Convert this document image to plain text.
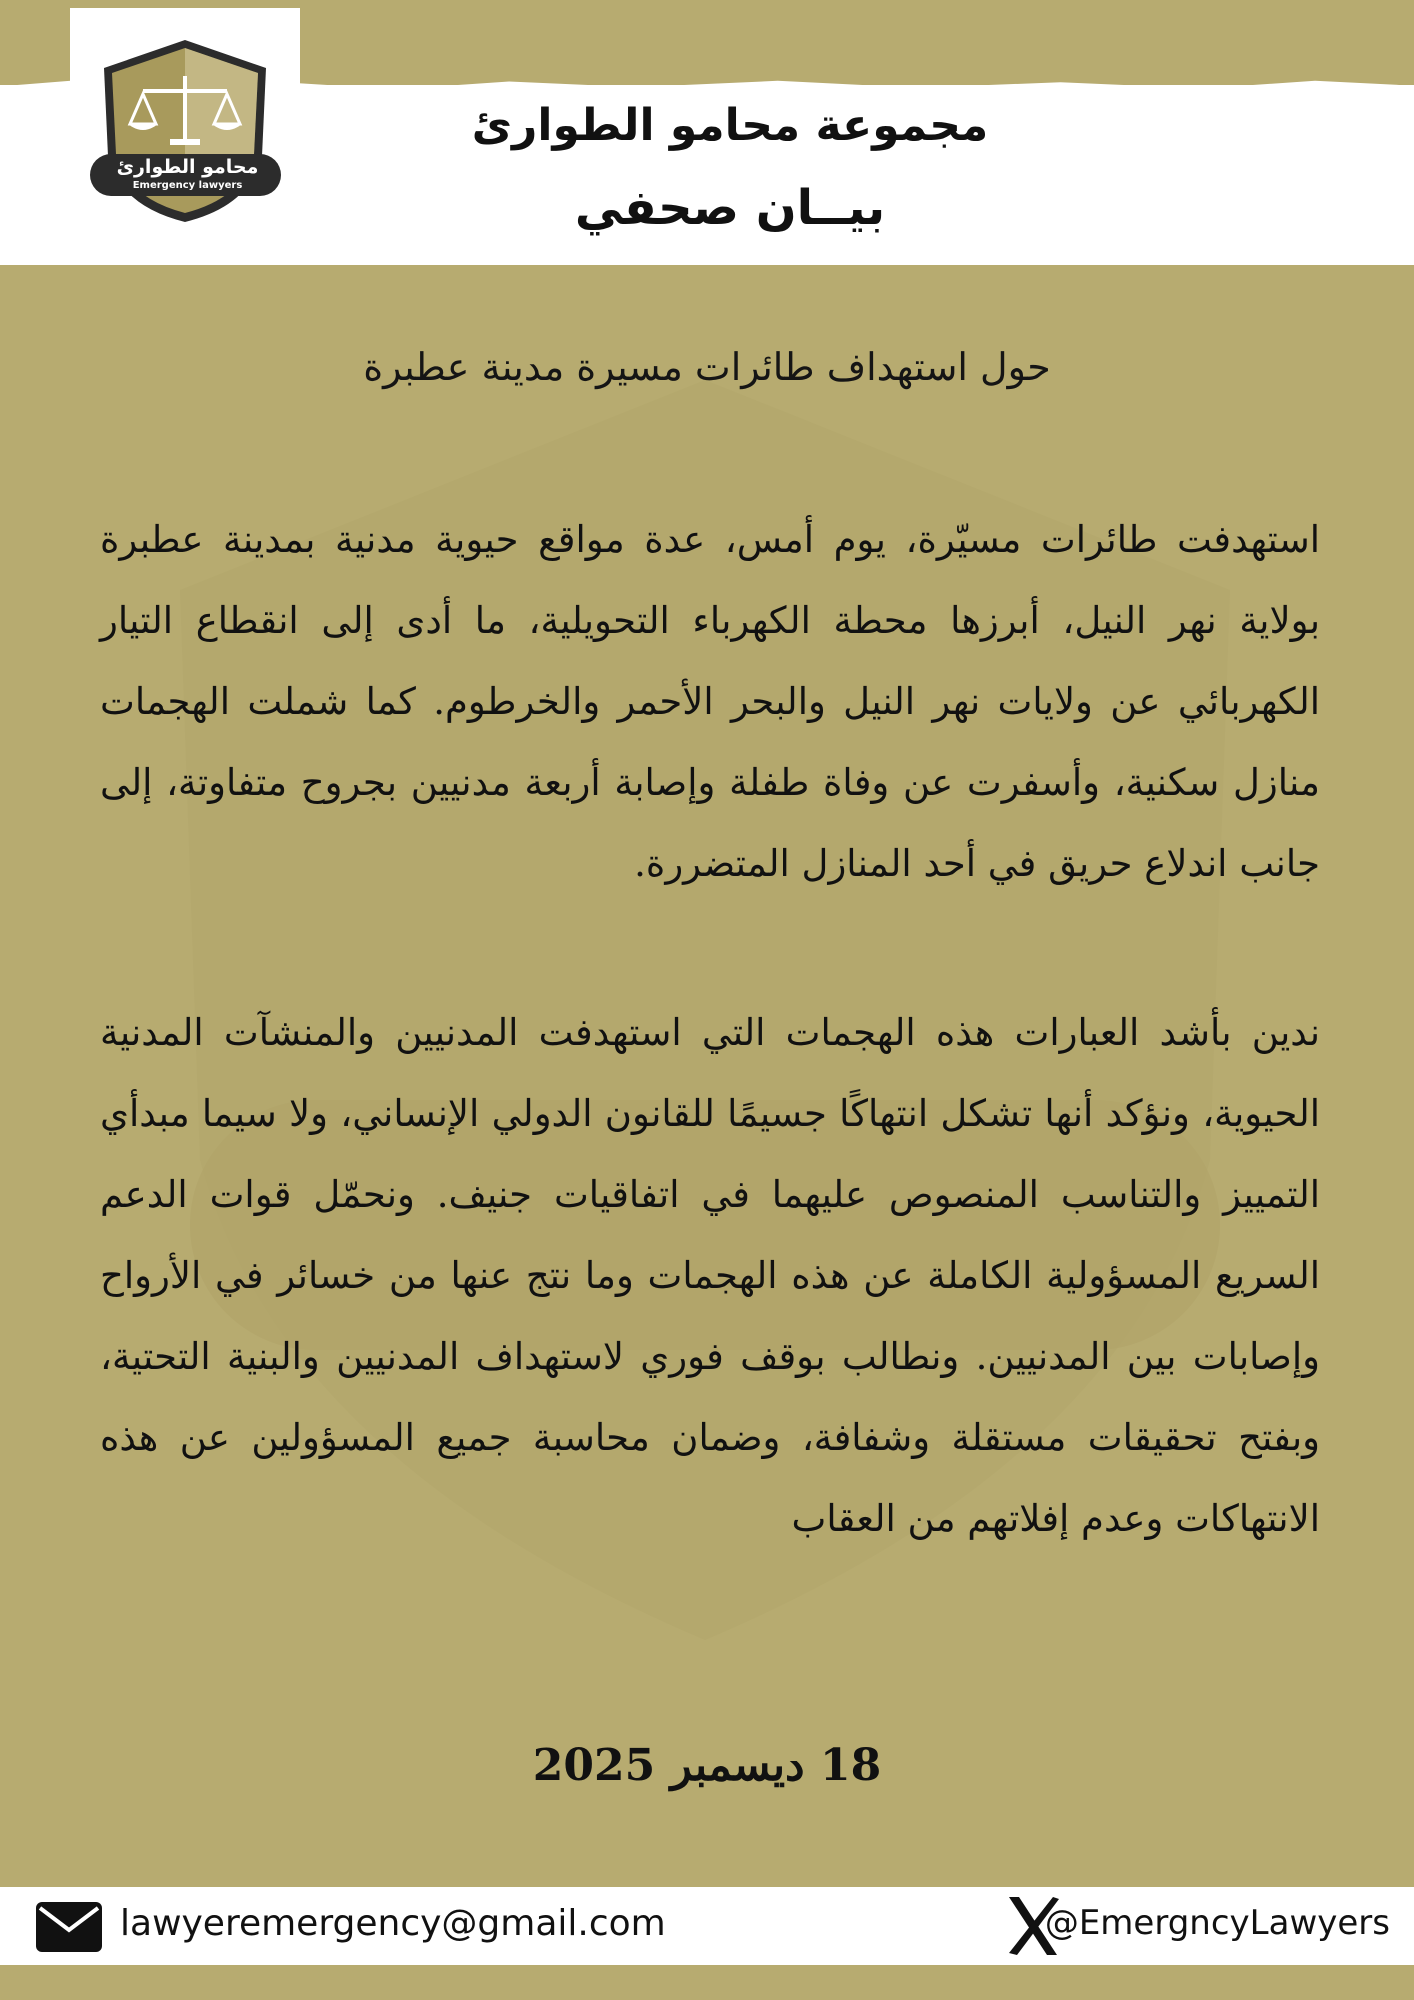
محامو الطوارئ
Emergency lawyers
مجموعة محامو الطوارئ
بيــان صحفي
حول استهداف طائرات مسيرة مدينة عطبرة
استهدفت طائرات مسيّرة، يوم أمس، عدة مواقع حيوية مدنية بمدينة عطبرة بولاية نهر النيل، أبرزها محطة الكهرباء التحويلية، ما أدى إلى انقطاع التيار الكهربائي عن ولايات نهر النيل والبحر الأحمر والخرطوم. كما شملت الهجمات منازل سكنية، وأسفرت عن وفاة طفلة وإصابة أربعة مدنيين بجروح متفاوتة، إلى جانب اندلاع حريق في أحد المنازل المتضررة.
ندين بأشد العبارات هذه الهجمات التي استهدفت المدنيين والمنشآت المدنية الحيوية، ونؤكد أنها تشكل انتهاكًا جسيمًا للقانون الدولي الإنساني، ولا سيما مبدأي التمييز والتناسب المنصوص عليهما في اتفاقيات جنيف. ونحمّل قوات الدعم السريع المسؤولية الكاملة عن هذه الهجمات وما نتج عنها من خسائر في الأرواح وإصابات بين المدنيين. ونطالب بوقف فوري لاستهداف المدنيين والبنية التحتية، وبفتح تحقيقات مستقلة وشفافة، وضمان محاسبة جميع المسؤولين عن هذه الانتهاكات وعدم إفلاتهم من العقاب
18 ديسمبر 2025
lawyeremergency@gmail.com	@EmergncyLawyers
